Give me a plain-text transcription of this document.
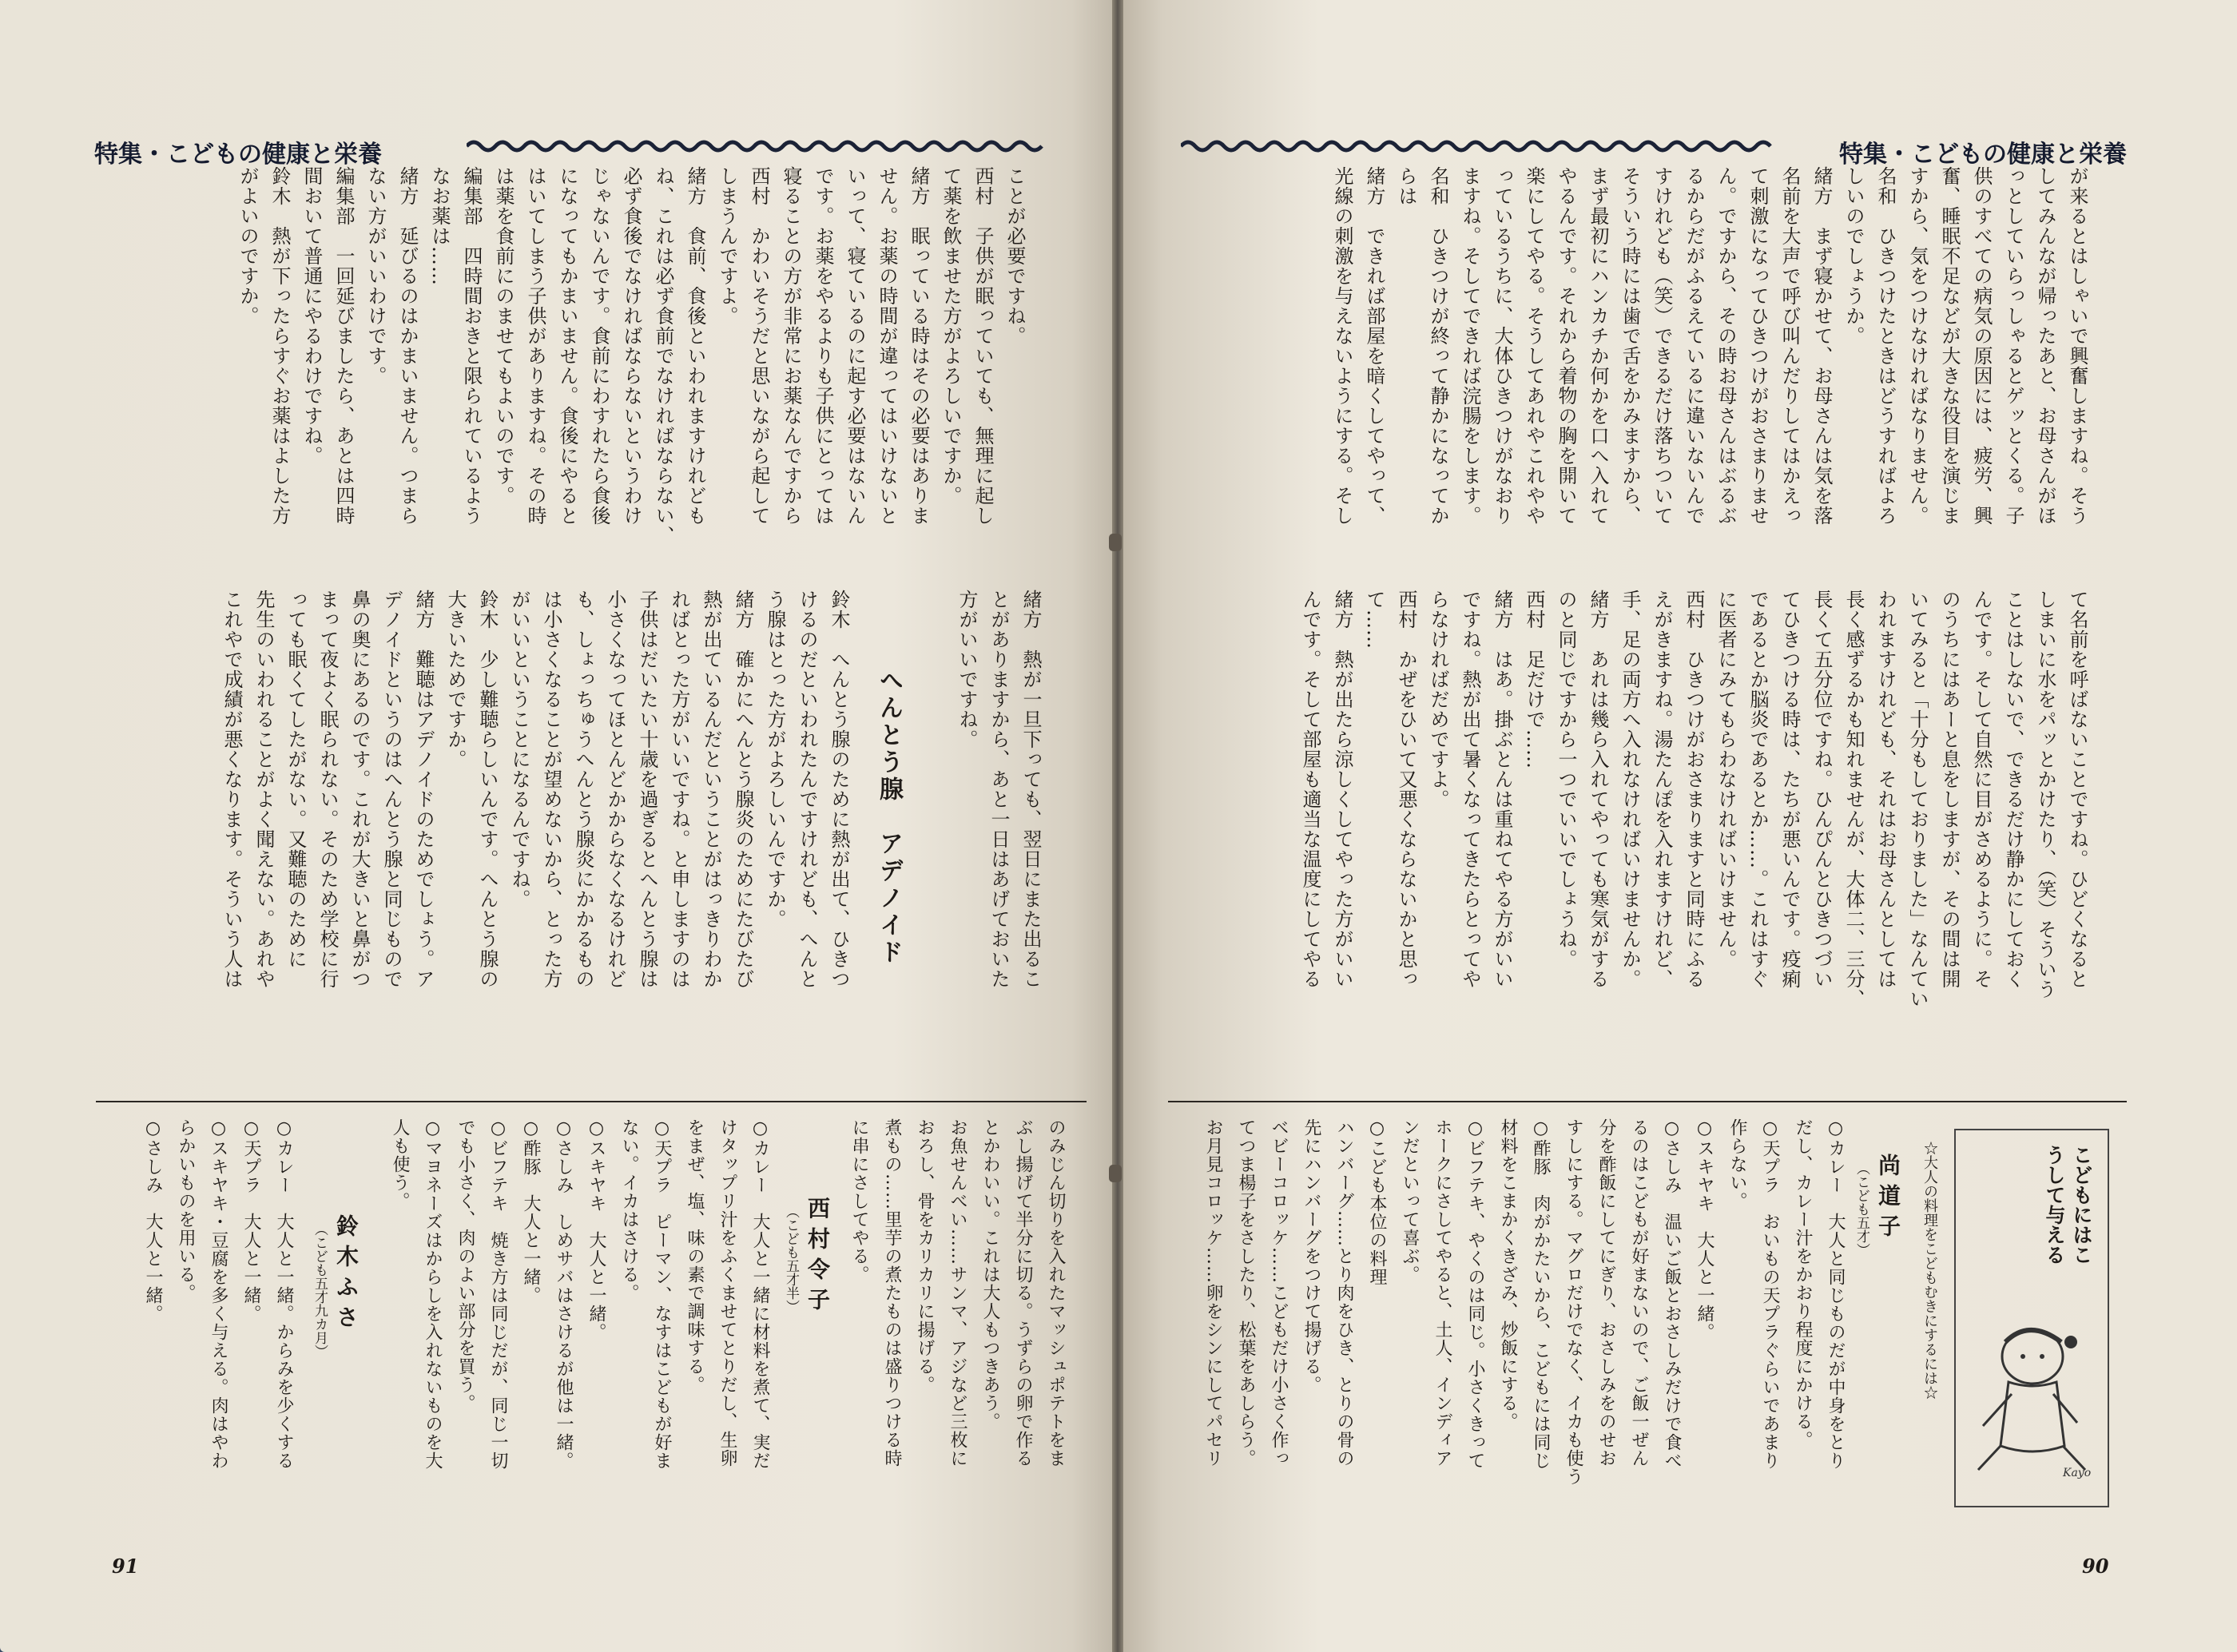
特集・こどもの健康と栄養	特集・こどもの健康と栄養
が来るとはしゃいで興奮しますね。そう
してみんなが帰ったあと、お母さんがほ
っとしていらっしゃるとゲッとくる。子
供のすべての病気の原因には、疲労、興
奮、睡眠不足などが大きな役目を演じま
すから、気をつけなければなりません。
名和　ひきつけたときはどうすればよろ
しいのでしょうか。
緒方　まず寝かせて、お母さんは気を落
名前を大声で呼び叫んだりしてはかえっ
て刺激になってひきつけがおさまりませ
ん。ですから、その時お母さんはぶるぶ
るからだがふるえているに違いないんで
すけれども（笑）できるだけ落ちついて
そういう時には歯で舌をかみますから、
まず最初にハンカチか何かを口へ入れて
やるんです。それから着物の胸を開いて
楽にしてやる。そうしてあれやこれやや
っているうちに、大体ひきつけがなおり
ますね。そしてできれば浣腸をします。
名和　ひきつけが終って静かになってか
らは
緒方　できれば部屋を暗くしてやって、
光線の刺激を与えないようにする。そし
て名前を呼ばないことですね。ひどくなると
しまいに水をパッとかけたり、（笑）そういう
ことはしないで、できるだけ静かにしておく
んです。そして自然に目がさめるように。そ
のうちにはあーと息をしますが、その間は開
いてみると「十分もしておりました」なんてい
われますけれども、それはお母さんとしては
長く感ずるかも知れませんが、大体二、三分、
長くて五分位ですね。ひんぴんとひきつづい
てひきつける時は、たちが悪いんです。疫痢
であるとか脳炎であるとか……。これはすぐ
に医者にみてもらわなければいけません。
西村　ひきつけがおさまりますと同時にふる
えがきますね。湯たんぽを入れますけれど、
手、足の両方へ入れなければいけませんか。
緒方　あれは幾ら入れてやっても寒気がする
のと同じですから一つでいいでしょうね。
西村　足だけで……
緒方　はあ。掛ぶとんは重ねてやる方がいい
ですね。熱が出て暑くなってきたらとってや
らなければだめですよ。
西村　かぜをひいて又悪くならないかと思っ
て……
緒方　熱が出たら涼しくしてやった方がいい
んです。そして部屋も適当な温度にしてやる
こどもにはこ
うして与える
☆大人の料理をこどもむきにするには☆
Kayo
尚道子
（こども五才）
○カレー　大人と同じものだが中身をとり
だし、カレー汁をかおり程度にかける。
○天プラ　おいもの天プラぐらいであまり
作らない。
○スキヤキ　大人と一緒。
○さしみ　温いご飯とおさしみだけで食べ
るのはこどもが好まないので、ご飯一ぜん
分を酢飯にしてにぎり、おさしみをのせお
すしにする。マグロだけでなく、イカも使う
○酢豚　肉がかたいから、こどもには同じ
材料をこまかくきざみ、炒飯にする。
○ビフテキ、やくのは同じ。小さくきって
ホークにさしてやると、土人、インディア
ンだといって喜ぶ。
○こども本位の料理
ハンバーグ……とり肉をひき、とりの骨の
先にハンバーグをつけて揚げる。
ベビーコロッケ……こどもだけ小さく作っ
てつま楊子をさしたり、松葉をあしらう。
お月見コロッケ……卵をシンにしてパセリ
90
ことが必要ですね。
西村　子供が眠っていても、無理に起し
て薬を飲ませた方がよろしいですか。
緒方　眠っている時はその必要はありま
せん。お薬の時間が違ってはいけないと
いって、寝ているのに起す必要はないん
です。お薬をやるよりも子供にとっては
寝ることの方が非常にお薬なんですから
西村　かわいそうだと思いながら起して
しまうんですよ。
緒方　食前、食後といわれますけれども
ね、これは必ず食前でなければならない、
必ず食後でなければならないというわけ
じゃないんです。食前にわすれたら食後
になってもかまいません。食後にやると
はいてしまう子供がありますね。その時
は薬を食前にのませてもよいのです。
編集部　四時間おきと限られているよう
なお薬は……
緒方　延びるのはかまいません。つまら
ない方がいいわけです。
編集部　一回延びましたら、あとは四時
間おいて普通にやるわけですね。
鈴木　熱が下ったらすぐお薬はよした方
がよいのですか。
緒方　熱が一旦下っても、翌日にまた出るこ
とがありますから、あと一日はあげておいた
方がいいですね。
へんとう腺　アデノイド
鈴木　へんとう腺のために熱が出て、ひきつ
けるのだといわれたんですけれども、へんと
う腺はとった方がよろしいんですか。
緒方　確かにへんとう腺炎のためにたびたび
熱が出ているんだということがはっきりわか
ればとった方がいいですね。と申しますのは
子供はだいたい十歳を過ぎるとへんとう腺は
小さくなってほとんどかからなくなるけれど
も、しょっちゅうへんとう腺炎にかかるもの
は小さくなることが望めないから、とった方
がいいということになるんですね。
鈴木　少し難聴らしいんです。へんとう腺の
大きいためですか。
緒方　難聴はアデノイドのためでしょう。ア
デノイドというのはへんとう腺と同じもので
鼻の奥にあるのです。これが大きいと鼻がつ
まって夜よく眠られない。そのため学校に行
っても眠くてしたがない。又難聴のために
先生のいわれることがよく聞えない。あれや
これやで成績が悪くなります。そういう人は
のみじん切りを入れたマッシュポテトをま
ぶし揚げて半分に切る。うずらの卵で作る
とかわいい。これは大人もつきあう。
お魚せんべい……サンマ、アジなど三枚に
おろし、骨をカリカリに揚げる。
煮もの……里芋の煮たものは盛りつける時
に串にさしてやる。
西村令子
（こども五才半）
○カレー　大人と一緒に材料を煮て、実だ
けタップリ汁をふくませてとりだし、生卵
をまぜ、塩、味の素で調味する。
○天プラ　ピーマン、なすはこどもが好ま
ない。イカはさける。
○スキヤキ　大人と一緒。
○さしみ　しめサバはさけるが他は一緒。
○酢豚　大人と一緒。
○ビフテキ　焼き方は同じだが、同じ一切
でも小さく、肉のよい部分を買う。
○マヨネーズはからしを入れないものを大
人も使う。
鈴木ふさ
（こども五才九カ月）
○カレー　大人と一緒。からみを少くする
○天プラ　大人と一緒。
○スキヤキ・豆腐を多く与える。肉はやわ
らかいものを用いる。
○さしみ　大人と一緒。
91
